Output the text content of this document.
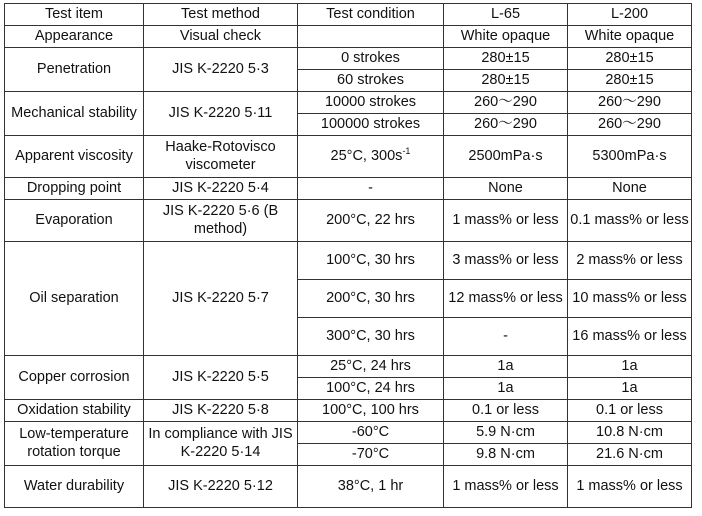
Test item	Test method	Test condition	L-65	L-200
Appearance	Visual check		White opaque	White opaque
Penetration	JIS K-2220 5·3	0 strokes	280±15	280±15
		60 strokes	280±15	280±15
Mechanical stability	JIS K-2220 5·11	10000 strokes	260～290	260～290
		100000 strokes	260～290	260～290
Apparent viscosity	Haake-Rotovisco viscometer	25°C, $300s^{-1}$	2500mPa·s	5300mPa·s
Dropping point	JIS K-2220 5·4	-	None	None
Evaporation	JIS K-2220 5·6 (B method)	200°C, 22 hrs	1 mass% or less	0.1 mass% or less
Oil separation	JIS K-2220 5·7	100°C, 30 hrs	3 mass% or less	2 mass% or less
		200°C, 30 hrs	12 mass% or less	10 mass% or less
		300°C, 30 hrs	-	16 mass% or less
Copper corrosion	JIS K-2220 5·5	25°C, 24 hrs	1a	1a
		100°C, 24 hrs	1a	1a
Oxidation stability	JIS K-2220 5·8	100°C, 100 hrs	0.1 or less	0.1 or less
Low-temperature rotation torque	In compliance with JIS K-2220 5·14	-60°C	5.9 N·cm	10.8 N·cm
		-70°C	9.8 N·cm	21.6 N·cm
Water durability	JIS K-2220 5·12	38°C, 1 hr	1 mass% or less	1 mass% or less
